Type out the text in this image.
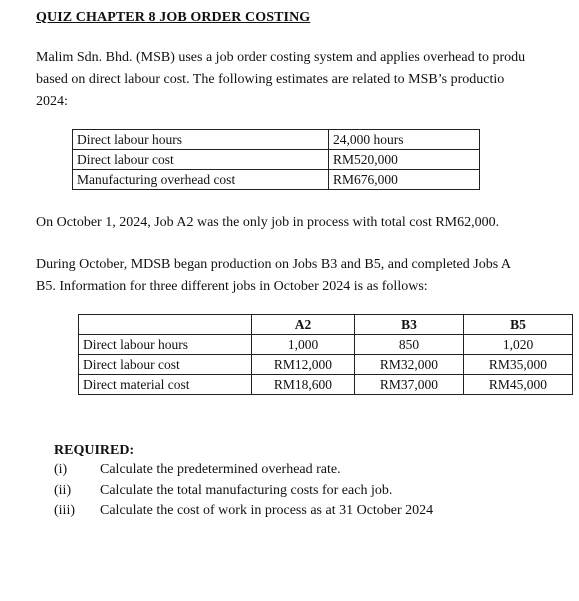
QUIZ CHAPTER 8 JOB ORDER COSTING
Malim Sdn. Bhd. (MSB) uses a job order costing system and applies overhead to produ
based on direct labour cost. The following estimates are related to MSB’s productio
2024:
Direct labour hours	24,000 hours
Direct labour cost	RM520,000
Manufacturing overhead cost	RM676,000
On October 1, 2024, Job A2 was the only job in process with total cost RM62,000.
During October, MDSB began production on Jobs B3 and B5, and completed Jobs A
B5. Information for three different jobs in October 2024 is as follows:
	A2	B3	B5
Direct labour hours	1,000	850	1,020
Direct labour cost	RM12,000	RM32,000	RM35,000
Direct material cost	RM18,600	RM37,000	RM45,000
REQUIRED:
(i) Calculate the predetermined overhead rate.
(ii) Calculate the total manufacturing costs for each job.
(iii) Calculate the cost of work in process as at 31 October 2024
